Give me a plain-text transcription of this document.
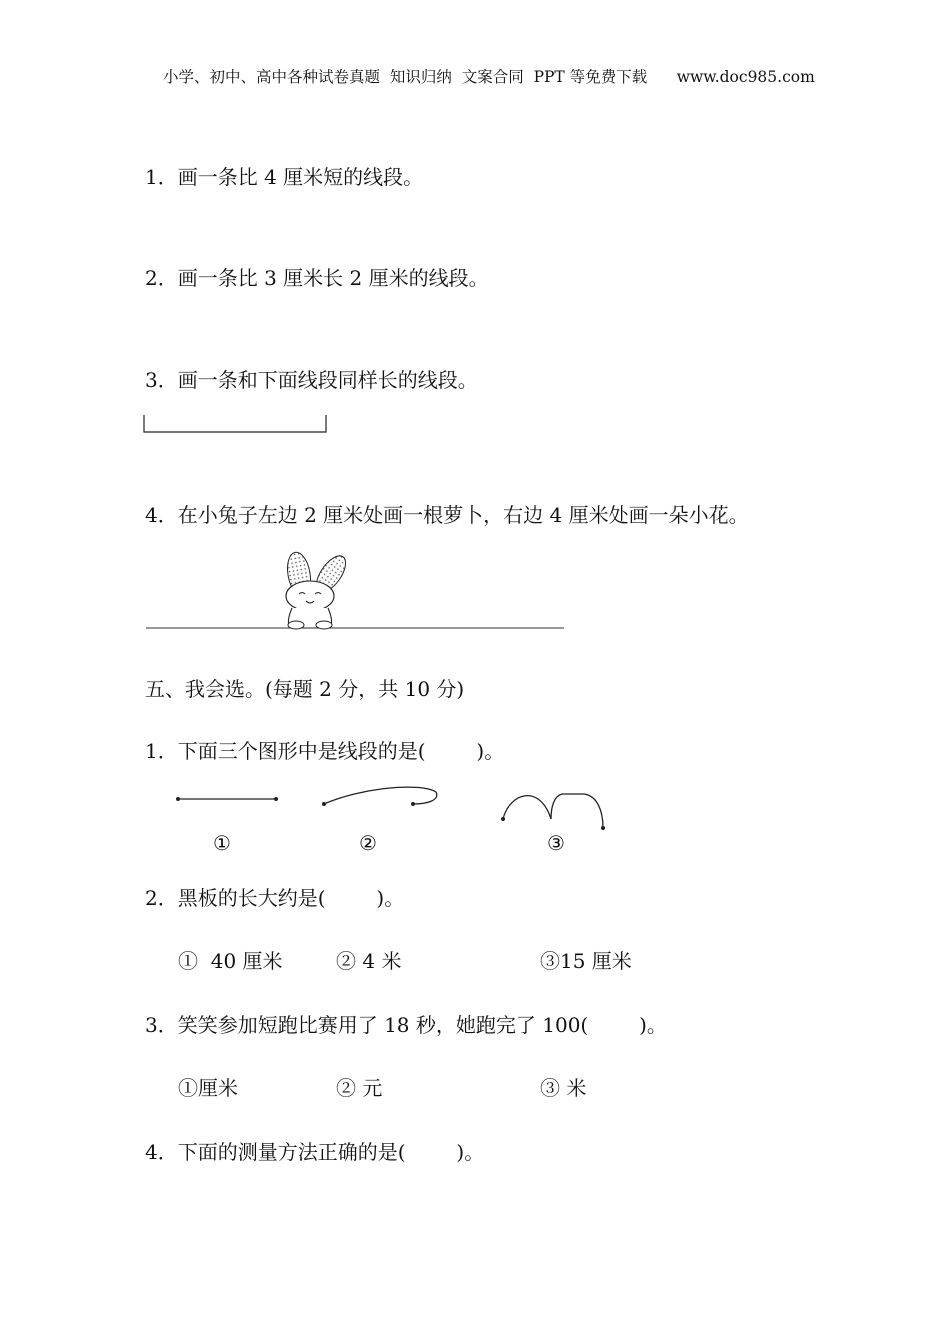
小学、初中、高中各种试卷真题  知识归纳  文案合同  PPT 等免费下载      www.doc985.com
1．画一条比 4 厘米短的线段。
2．画一条比 3 厘米长 2 厘米的线段。
3．画一条和下面线段同样长的线段。
4．在小兔子左边 2 厘米处画一根萝卜，右边 4 厘米处画一朵小花。
五、我会选。(每题 2 分，共 10 分)
1．下面三个图形中是线段的是(        )。
①	②	③
2．黑板的长大约是(        )。
①  40 厘米	② 4 米	③15 厘米
3．笑笑参加短跑比赛用了 18 秒，她跑完了 100(        )。
①厘米	② 元	③ 米
4．下面的测量方法正确的是(        )。
